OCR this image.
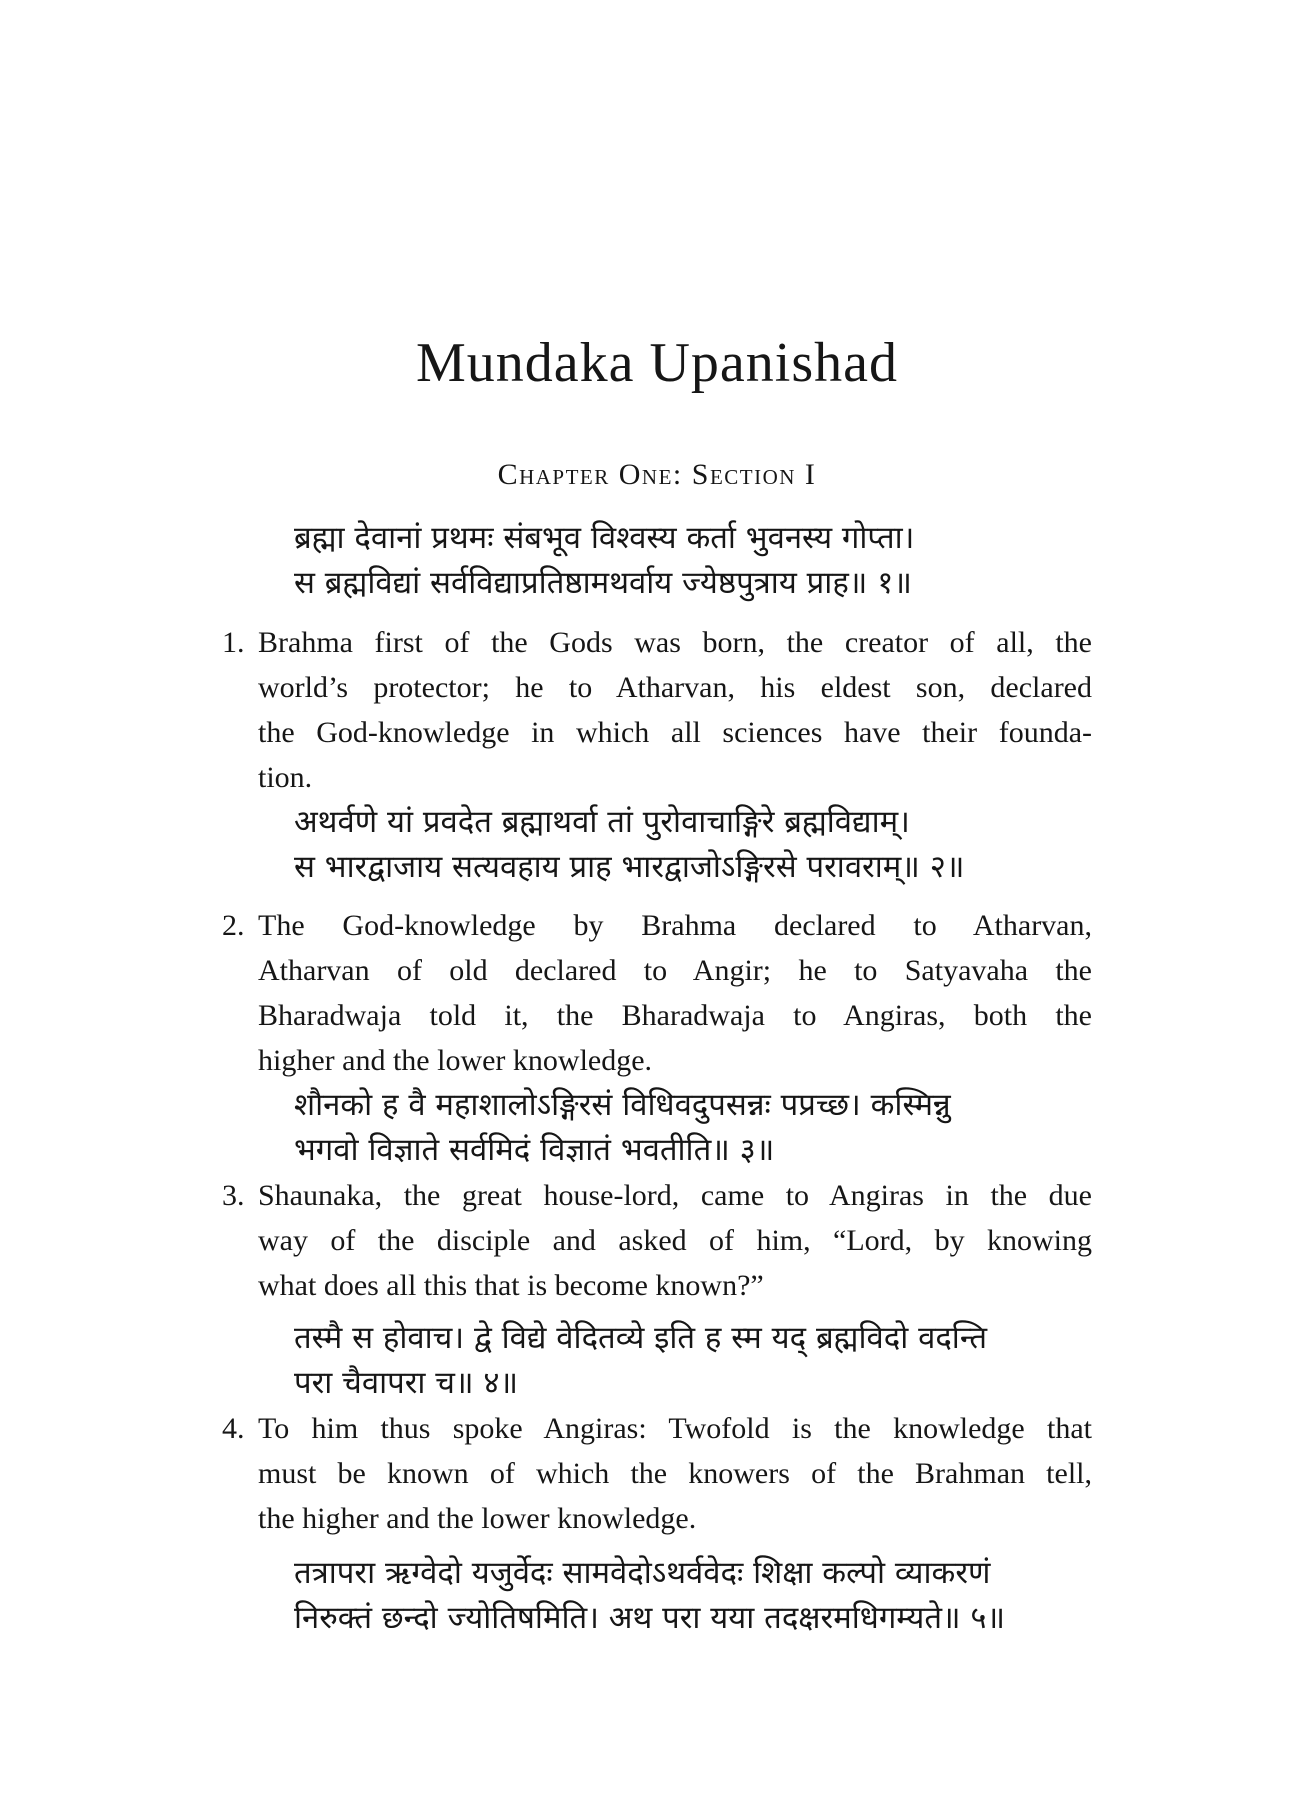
Mundaka Upanishad
Chapter One: Section I
ब्रह्मा देवानां प्रथमः संबभूव विश्वस्य कर्ता भुवनस्य गोप्ता।
स ब्रह्मविद्यां सर्वविद्याप्रतिष्ठामथर्वाय ज्येष्ठपुत्राय प्राह॥ १॥
1. Brahma first of the Gods was born, the creator of all, the
world’s protector; he to Atharvan, his eldest son, declared
the God-knowledge in which all sciences have their founda-
tion.
अथर्वणे यां प्रवदेत ब्रह्माथर्वा तां पुरोवाचाङ्गिरे ब्रह्मविद्याम्।
स भारद्वाजाय सत्यवहाय प्राह भारद्वाजोऽङ्गिरसे परावराम्॥ २॥
2. The God-knowledge by Brahma declared to Atharvan,
Atharvan of old declared to Angir; he to Satyavaha the
Bharadwaja told it, the Bharadwaja to Angiras, both the
higher and the lower knowledge.
शौनको ह वै महाशालोऽङ्गिरसं विधिवदुपसन्नः पप्रच्छ। कस्मिन्नु
भगवो विज्ञाते सर्वमिदं विज्ञातं भवतीति॥ ३॥
3. Shaunaka, the great house-lord, came to Angiras in the due
way of the disciple and asked of him, “Lord, by knowing
what does all this that is become known?”
तस्मै स होवाच। द्वे विद्ये वेदितव्ये इति ह स्म यद् ब्रह्मविदो वदन्ति
परा चैवापरा च॥ ४॥
4. To him thus spoke Angiras: Twofold is the knowledge that
must be known of which the knowers of the Brahman tell,
the higher and the lower knowledge.
तत्रापरा ऋग्वेदो यजुर्वेदः सामवेदोऽथर्ववेदः शिक्षा कल्पो व्याकरणं
निरुक्तं छन्दो ज्योतिषमिति। अथ परा यया तदक्षरमधिगम्यते॥ ५॥
